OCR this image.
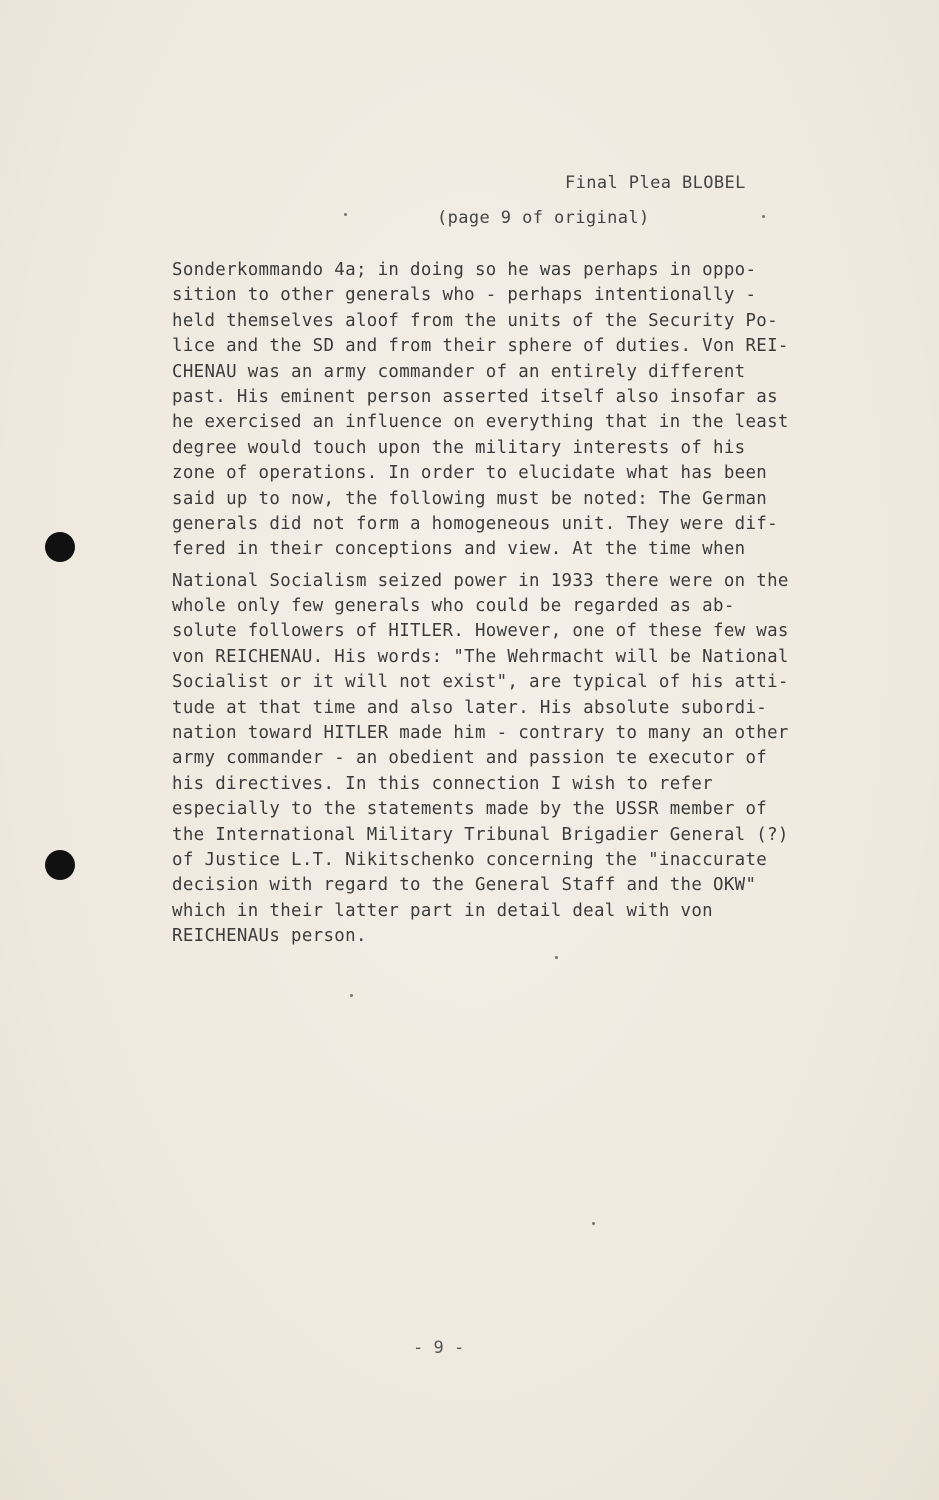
Final Plea BLOBEL
(page 9 of original)
Sonderkommando 4a; in doing so he was perhaps in oppo-
sition to other generals who - perhaps intentionally -
held themselves aloof from the units of the Security Po-
lice and the SD and from their sphere of duties. Von REI-
CHENAU was an army commander of an entirely different
past. His eminent person asserted itself also insofar as
he exercised an influence on everything that in the least
degree would touch upon the military interests of his
zone of operations. In order to elucidate what has been
said up to now, the following must be noted: The German
generals did not form a homogeneous unit. They were dif-
fered in their conceptions and view. At the time when
National Socialism seized power in 1933 there were on the
whole only few generals who could be regarded as ab-
solute followers of HITLER. However, one of these few was
von REICHENAU. His words: "The Wehrmacht will be National
Socialist or it will not exist", are typical of his atti-
tude at that time and also later. His absolute subordi-
nation toward HITLER made him - contrary to many an other
army commander - an obedient and passion te executor of
his directives. In this connection I wish to refer
especially to the statements made by the USSR member of
the International Military Tribunal Brigadier General (?)
of Justice L.T. Nikitschenko concerning the "inaccurate
decision with regard to the General Staff and the OKW"
which in their latter part in detail deal with von
REICHENAUs person.
- 9 -
